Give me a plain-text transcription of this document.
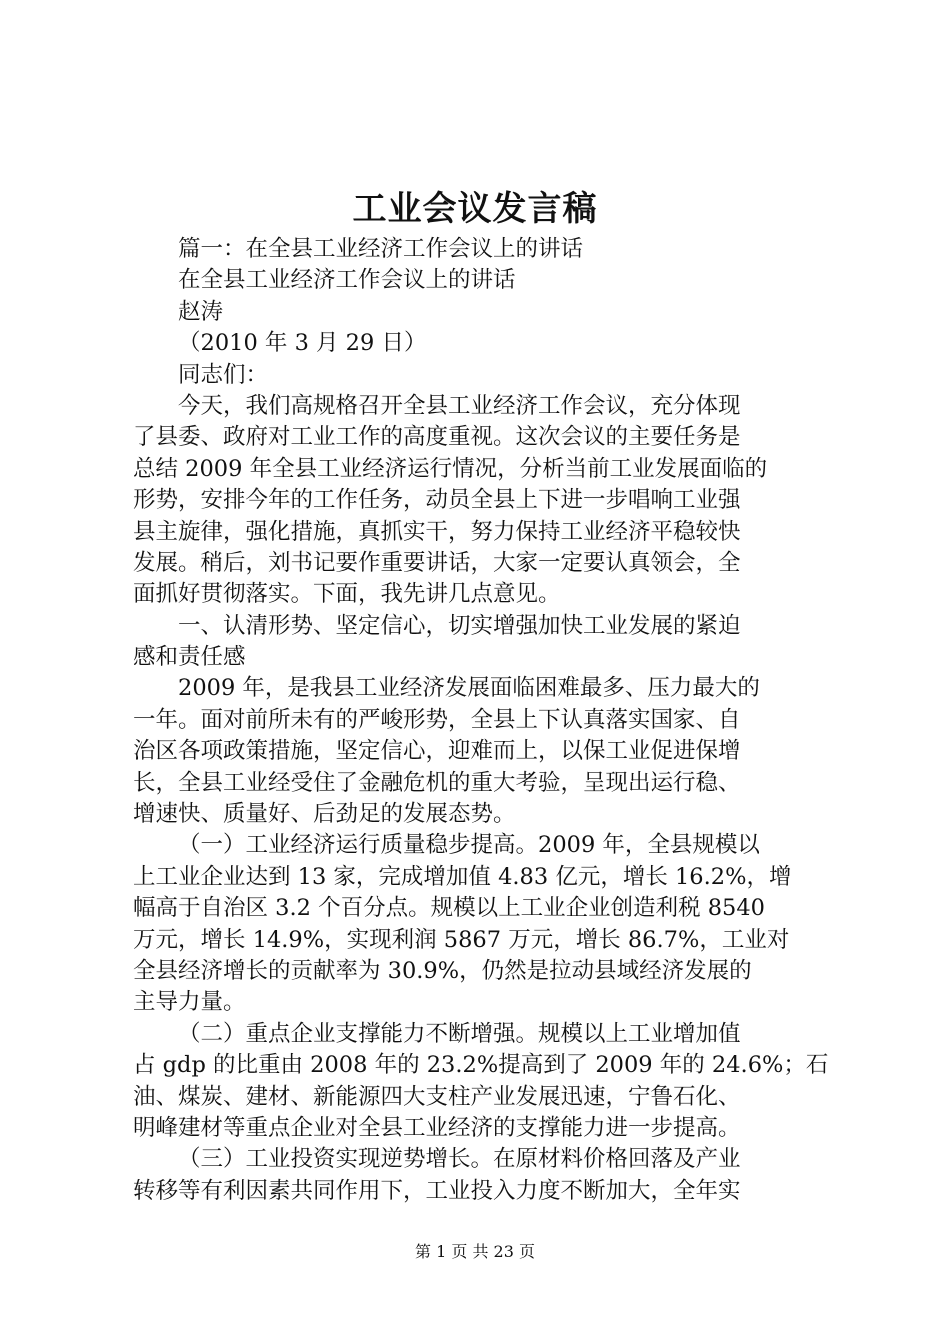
工业会议发言稿
篇一：在全县工业经济工作会议上的讲话
在全县工业经济工作会议上的讲话
赵涛
（2010 年 3 月 29 日）
同志们：
今天，我们高规格召开全县工业经济工作会议，充分体现
了县委、政府对工业工作的高度重视。这次会议的主要任务是
总结 2009 年全县工业经济运行情况，分析当前工业发展面临的
形势，安排今年的工作任务，动员全县上下进一步唱响工业强
县主旋律，强化措施，真抓实干，努力保持工业经济平稳较快
发展。稍后，刘书记要作重要讲话，大家一定要认真领会，全
面抓好贯彻落实。下面，我先讲几点意见。
一、认清形势、坚定信心，切实增强加快工业发展的紧迫
感和责任感
2009 年，是我县工业经济发展面临困难最多、压力最大的
一年。面对前所未有的严峻形势，全县上下认真落实国家、自
治区各项政策措施，坚定信心，迎难而上，以保工业促进保增
长，全县工业经受住了金融危机的重大考验，呈现出运行稳、
增速快、质量好、后劲足的发展态势。
（一）工业经济运行质量稳步提高。2009 年，全县规模以
上工业企业达到 13 家，完成增加值 4.83 亿元，增长 16.2%，增
幅高于自治区 3.2 个百分点。规模以上工业企业创造利税 8540
万元，增长 14.9%，实现利润 5867 万元，增长 86.7%，工业对
全县经济增长的贡献率为 30.9%，仍然是拉动县域经济发展的
主导力量。
（二）重点企业支撑能力不断增强。规模以上工业增加值
占 gdp 的比重由 2008 年的 23.2%提高到了 2009 年的 24.6%；石
油、煤炭、建材、新能源四大支柱产业发展迅速，宁鲁石化、
明峰建材等重点企业对全县工业经济的支撑能力进一步提高。
（三）工业投资实现逆势增长。在原材料价格回落及产业
转移等有利因素共同作用下，工业投入力度不断加大，全年实
第 1 页 共 23 页
